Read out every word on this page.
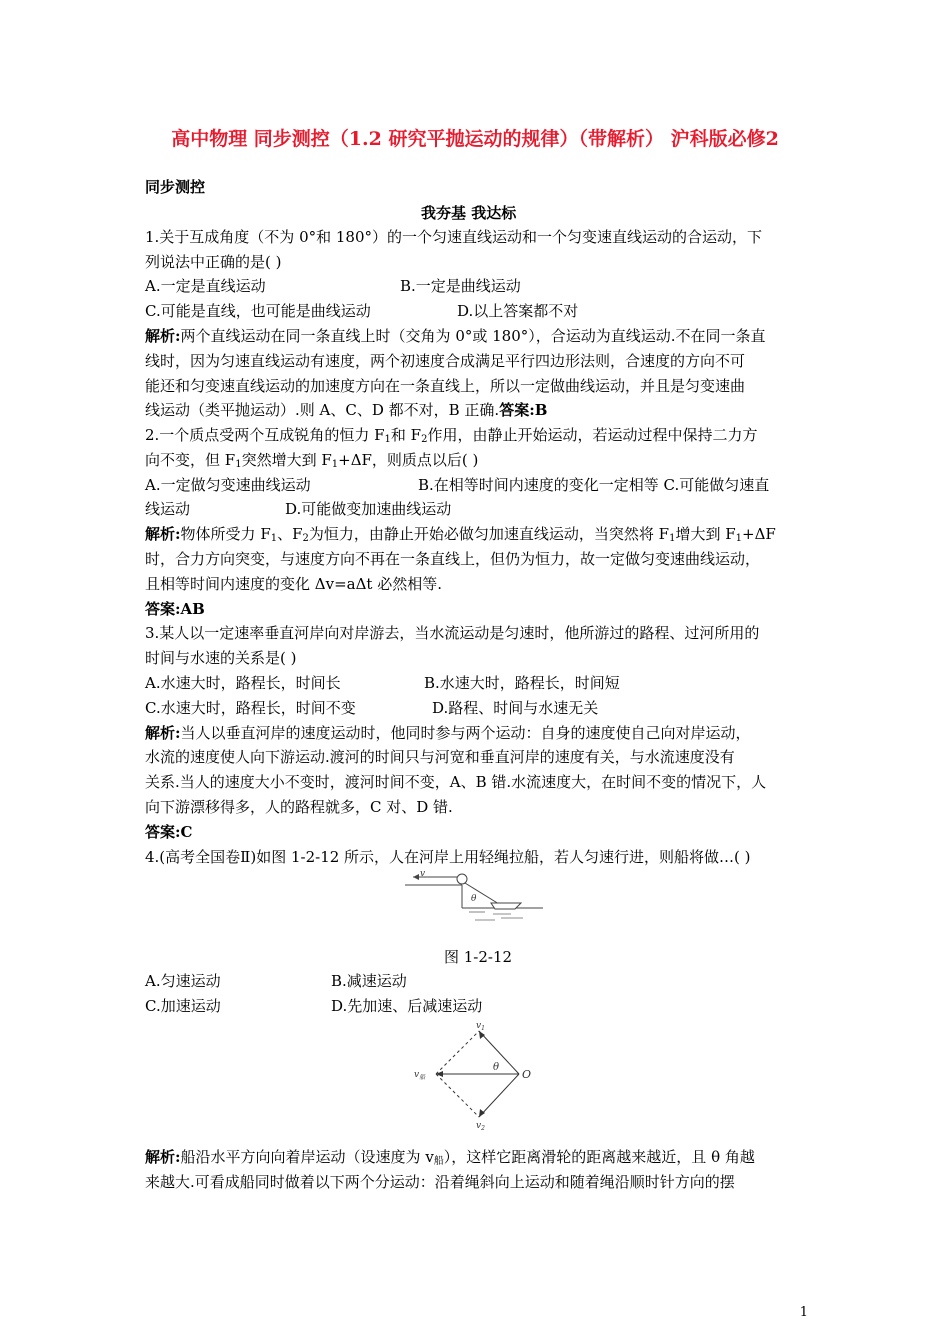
高中物理 同步测控（1.2 研究平抛运动的规律）（带解析） 沪科版必修2
同步测控
我夯基 我达标
1.关于互成角度（不为 0°和 180°）的一个匀速直线运动和一个匀变速直线运动的合运动，下
列说法中正确的是( )
A.一定是直线运动	B.一定是曲线运动
C.可能是直线，也可能是曲线运动	D.以上答案都不对
解析:两个直线运动在同一条直线上时（交角为 0°或 180°），合运动为直线运动.不在同一条直
线时，因为匀速直线运动有速度，两个初速度合成满足平行四边形法则，合速度的方向不可
能还和匀变速直线运动的加速度方向在一条直线上，所以一定做曲线运动，并且是匀变速曲
线运动（类平抛运动）.则 A、C、D 都不对，B 正确.答案:B
2.一个质点受两个互成锐角的恒力 $F_1$和 $F_2$作用，由静止开始运动，若运动过程中保持二力方
向不变，但 $F_1$突然增大到 $F_1+\Delta F$，则质点以后( )
A.一定做匀变速曲线运动	B.在相等时间内速度的变化一定相等 C.可能做匀速直
线运动	D.可能做变加速曲线运动
解析:物体所受力 $F_1$、$F_2$为恒力，由静止开始必做匀加速直线运动，当突然将 $F_1$增大到 $F_1+\Delta F$
时，合力方向突变，与速度方向不再在一条直线上，但仍为恒力，故一定做匀变速曲线运动，
且相等时间内速度的变化 Δv=aΔt 必然相等.
答案:AB
3.某人以一定速率垂直河岸向对岸游去，当水流运动是匀速时，他所游过的路程、过河所用的
时间与水速的关系是( )
A.水速大时，路程长，时间长	B.水速大时，路程长，时间短
C.水速大时，路程长，时间不变	D.路程、时间与水速无关
解析:当人以垂直河岸的速度运动时，他同时参与两个运动：自身的速度使自己向对岸运动，
水流的速度使人向下游运动.渡河的时间只与河宽和垂直河岸的速度有关，与水流速度没有
关系.当人的速度大小不变时，渡河时间不变，A、B 错.水流速度大，在时间不变的情况下，人
向下游漂移得多，人的路程就多，C 对、D 错.
答案:C
4.(高考全国卷Ⅱ)如图 1-2-12 所示，人在河岸上用轻绳拉船，若人匀速行进，则船将做…( )
v
θ
图 1-2-12
A.匀速运动	B.减速运动
C.加速运动	D.先加速、后减速运动
$v_1$
$v_2$
$v_船$
θ
O
解析:船沿水平方向向着岸运动（设速度为 $v_船$），这样它距离滑轮的距离越来越近，且 θ 角越
来越大.可看成船同时做着以下两个分运动：沿着绳斜向上运动和随着绳沿顺时针方向的摆
1
